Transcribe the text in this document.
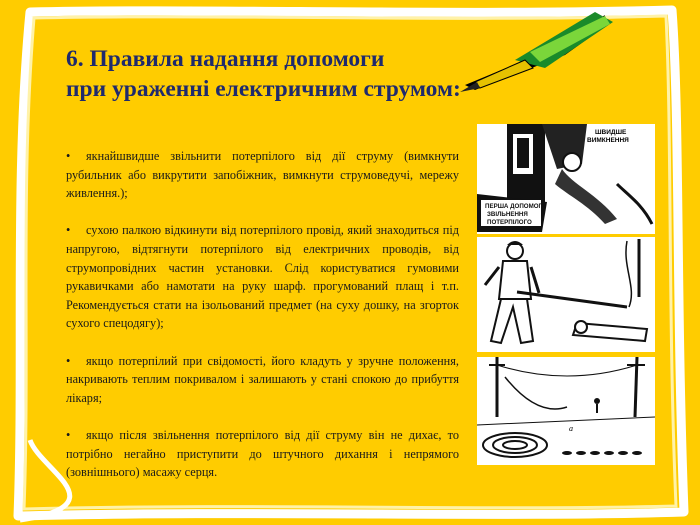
6. Правила надання допомоги
при ураженні електричним струмом:

• якнайшвидше звільнити потерпілого від дії струму (вимкнути рубильник або викрутити запобіжник, вимкнути струмоведучі, мережу живлення.);

• сухою палкою відкинути від потерпілого провід, який знаходиться під напругою, відтягнути потерпілого від електричних проводів, від струмопровідних частин установки. Слід користуватися гумовими рукавичками або намотати на руку шарф. прогумований плащ і т.п. Рекомендується стати на ізольований предмет (на суху дошку, на згорток сухого спецодягу);

• якщо потерпілий при свідомості, його кладуть у зручне положення, накривають теплим покривалом і залишають у стані спокою до прибуття лікаря;

• якщо після звільнення потерпілого від дії струму він не дихає, то потрібно негайно приступити до штучного дихання і непрямого (зовнішнього) масажу серця.

ШВИДШЕ ВИМКНЕННЯ
ПЕРША ДОПОМОГА ЗВІЛЬНЕННЯ ПОТЕРПІЛОГО
а
